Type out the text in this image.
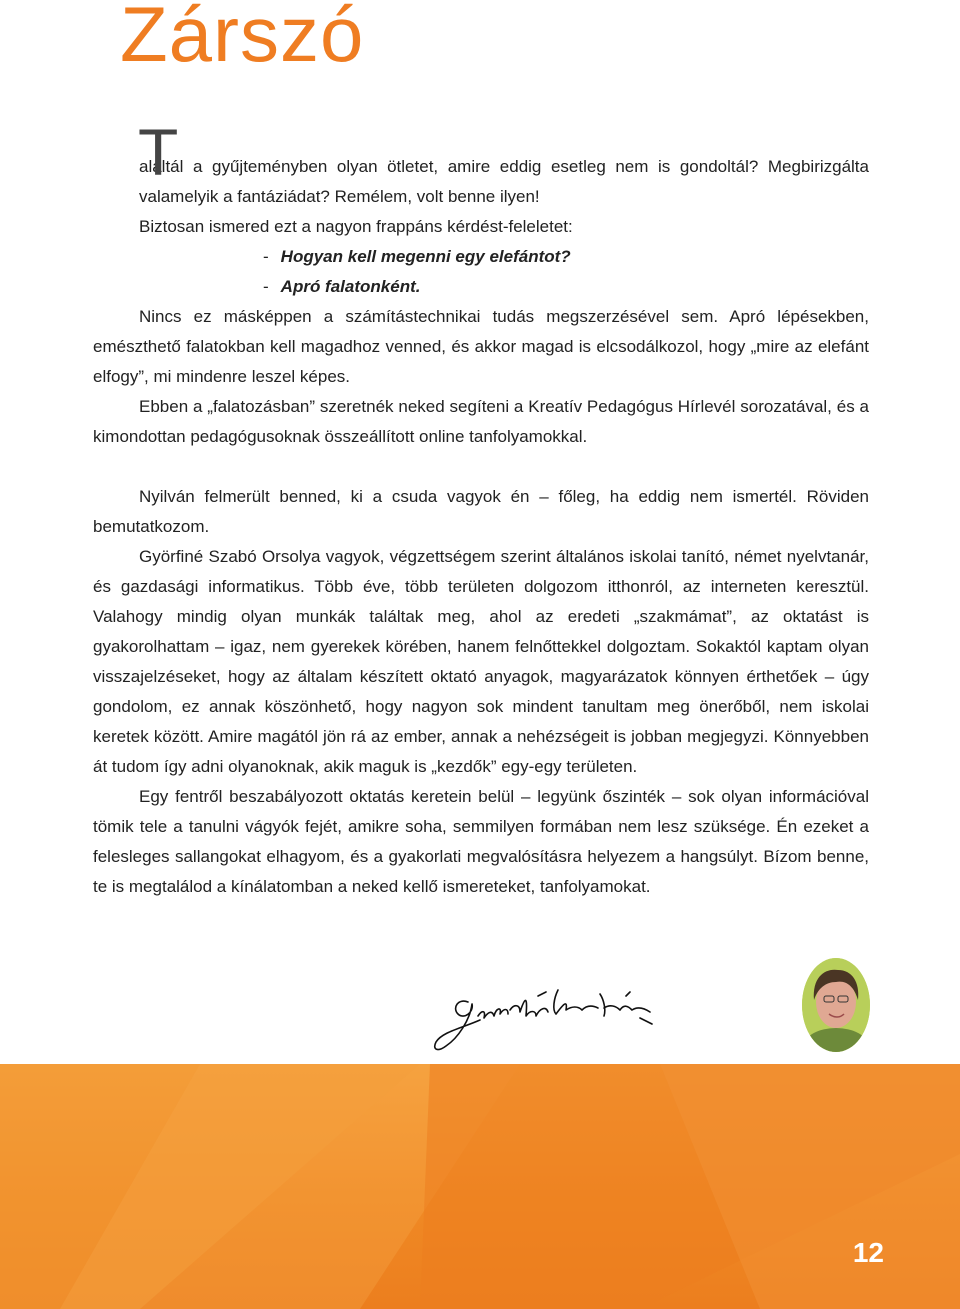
Zárszó

T
aláltál a gyűjteményben olyan ötletet, amire eddig esetleg nem is gondoltál? Megbirizgálta valamelyik a fantáziádat? Remélem, volt benne ilyen!

Biztosan ismered ezt a nagyon frappáns kérdést-feleletet:

- Hogyan kell megenni egy elefántot?

- Apró falatonként.

Nincs ez másképpen a számítástechnikai tudás megszerzésével sem. Apró lépésekben, emészthető falatokban kell magadhoz venned, és akkor magad is elcsodálkozol, hogy „mire az elefánt elfogy”, mi mindenre leszel képes.

Ebben a „falatozásban” szeretnék neked segíteni a Kreatív Pedagógus Hírlevél sorozatával, és a kimondottan pedagógusoknak összeállított online tanfolyamokkal.

Nyilván felmerült benned, ki a csuda vagyok én – főleg, ha eddig nem ismertél. Röviden bemutatkozom.

Györfiné Szabó Orsolya vagyok, végzettségem szerint általános iskolai tanító, német nyelvtanár, és gazdasági informatikus. Több éve, több területen dolgozom itthonról, az interneten keresztül. Valahogy mindig olyan munkák találtak meg, ahol az eredeti „szakmámat”, az oktatást is gyakorolhattam – igaz, nem gyerekek körében, hanem felnőttekkel dolgoztam. Sokaktól kaptam olyan visszajelzéseket, hogy az általam készített oktató anyagok, magyarázatok könnyen érthetőek – úgy gondolom, ez annak köszönhető, hogy nagyon sok mindent tanultam meg önerőből, nem iskolai keretek között. Amire magától jön rá az ember, annak a nehézségeit is jobban megjegyzi. Könnyebben át tudom így adni olyanoknak, akik maguk is „kezdők” egy-egy területen.

Egy fentről beszabályozott oktatás keretein belül – legyünk őszinték – sok olyan információval tömik tele a tanulni vágyók fejét, amikre soha, semmilyen formában nem lesz szüksége. Én ezeket a felesleges sallangokat elhagyom, és a gyakorlati megvalósításra helyezem a hangsúlyt. Bízom benne, te is megtalálod a kínálatomban a neked kellő ismereteket, tanfolyamokat.

12
